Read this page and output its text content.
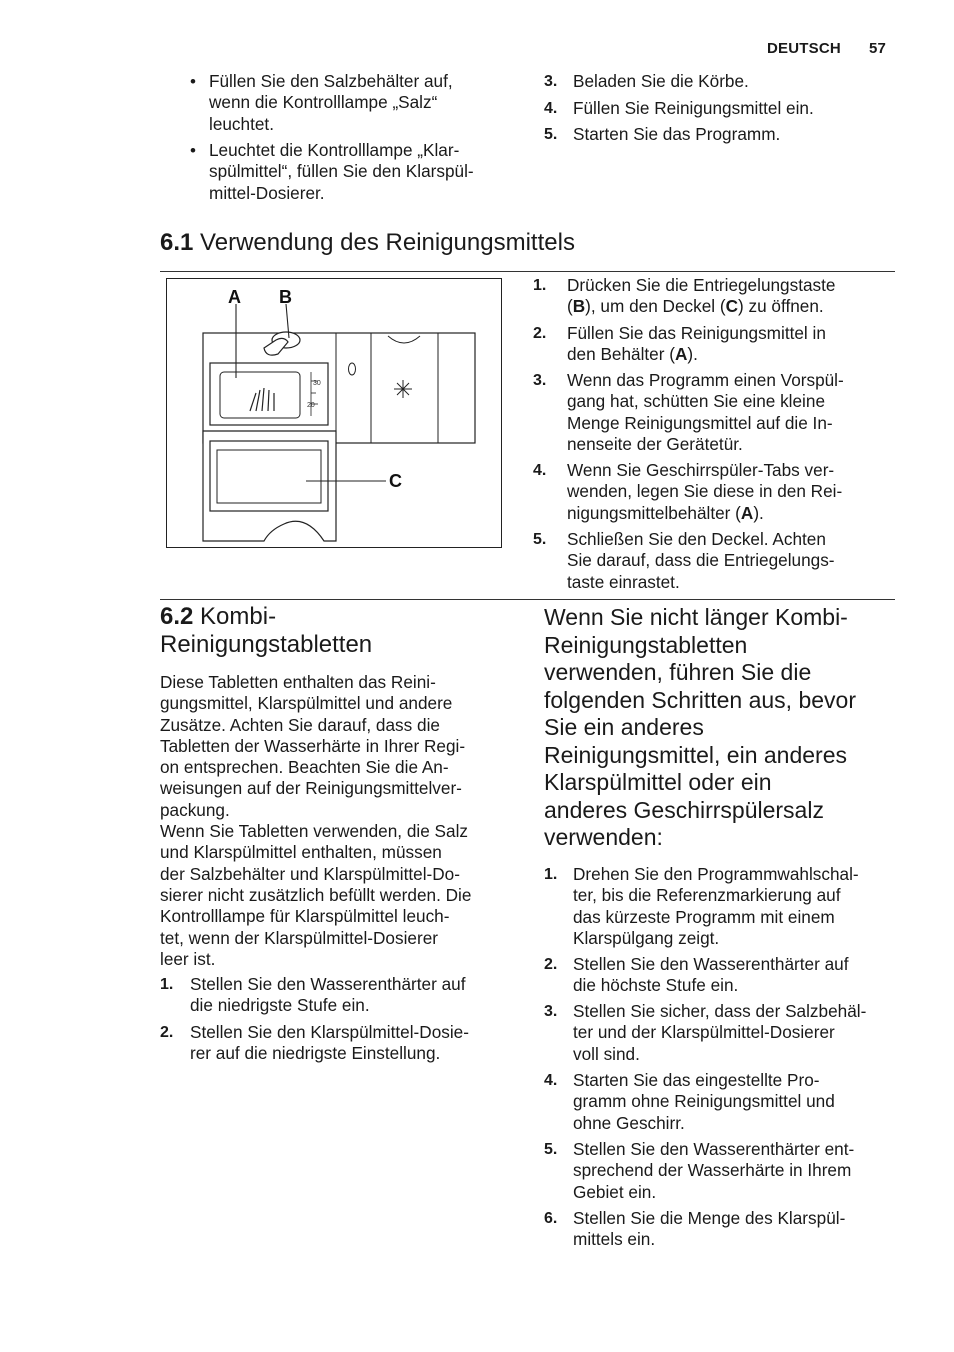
DEUTSCH 57
• Füllen Sie den Salzbehälter auf,
wenn die Kontrolllampe „Salz“
leuchtet.
• Leuchtet die Kontrolllampe „Klar-
spülmittel“, füllen Sie den Klarspül-
mittel-Dosierer.
3. Beladen Sie die Körbe.
4. Füllen Sie Reinigungsmittel ein.
5. Starten Sie das Programm.
6.1 Verwendung des Reinigungsmittels
30
20
A B
C
1. Drücken Sie die Entriegelungstaste
(B), um den Deckel (C) zu öffnen.
2. Füllen Sie das Reinigungsmittel in
den Behälter (A).
3. Wenn das Programm einen Vorspül-
gang hat, schütten Sie eine kleine
Menge Reinigungsmittel auf die In-
nenseite der Gerätetür.
4. Wenn Sie Geschirrspüler-Tabs ver-
wenden, legen Sie diese in den Rei-
nigungsmittelbehälter (A).
5. Schließen Sie den Deckel. Achten
Sie darauf, dass die Entriegelungs-
taste einrastet.
6.2 Kombi-
Reinigungstabletten
Diese Tabletten enthalten das Reini-
gungsmittel, Klarspülmittel und andere
Zusätze. Achten Sie darauf, dass die
Tabletten der Wasserhärte in Ihrer Regi-
on entsprechen. Beachten Sie die An-
weisungen auf der Reinigungsmittelver-
packung.
Wenn Sie Tabletten verwenden, die Salz
und Klarspülmittel enthalten, müssen
der Salzbehälter und Klarspülmittel-Do-
sierer nicht zusätzlich befüllt werden. Die
Kontrolllampe für Klarspülmittel leuch-
tet, wenn der Klarspülmittel-Dosierer
leer ist.
1. Stellen Sie den Wasserenthärter auf
die niedrigste Stufe ein.
2. Stellen Sie den Klarspülmittel-Dosie-
rer auf die niedrigste Einstellung.
Wenn Sie nicht länger Kombi-
Reinigungstabletten
verwenden, führen Sie die
folgenden Schritten aus, bevor
Sie ein anderes
Reinigungsmittel, ein anderes
Klarspülmittel oder ein
anderes Geschirrspülersalz
verwenden:
1. Drehen Sie den Programmwahlschal-
ter, bis die Referenzmarkierung auf
das kürzeste Programm mit einem
Klarspülgang zeigt.
2. Stellen Sie den Wasserenthärter auf
die höchste Stufe ein.
3. Stellen Sie sicher, dass der Salzbehäl-
ter und der Klarspülmittel-Dosierer
voll sind.
4. Starten Sie das eingestellte Pro-
gramm ohne Reinigungsmittel und
ohne Geschirr.
5. Stellen Sie den Wasserenthärter ent-
sprechend der Wasserhärte in Ihrem
Gebiet ein.
6. Stellen Sie die Menge des Klarspül-
mittels ein.
